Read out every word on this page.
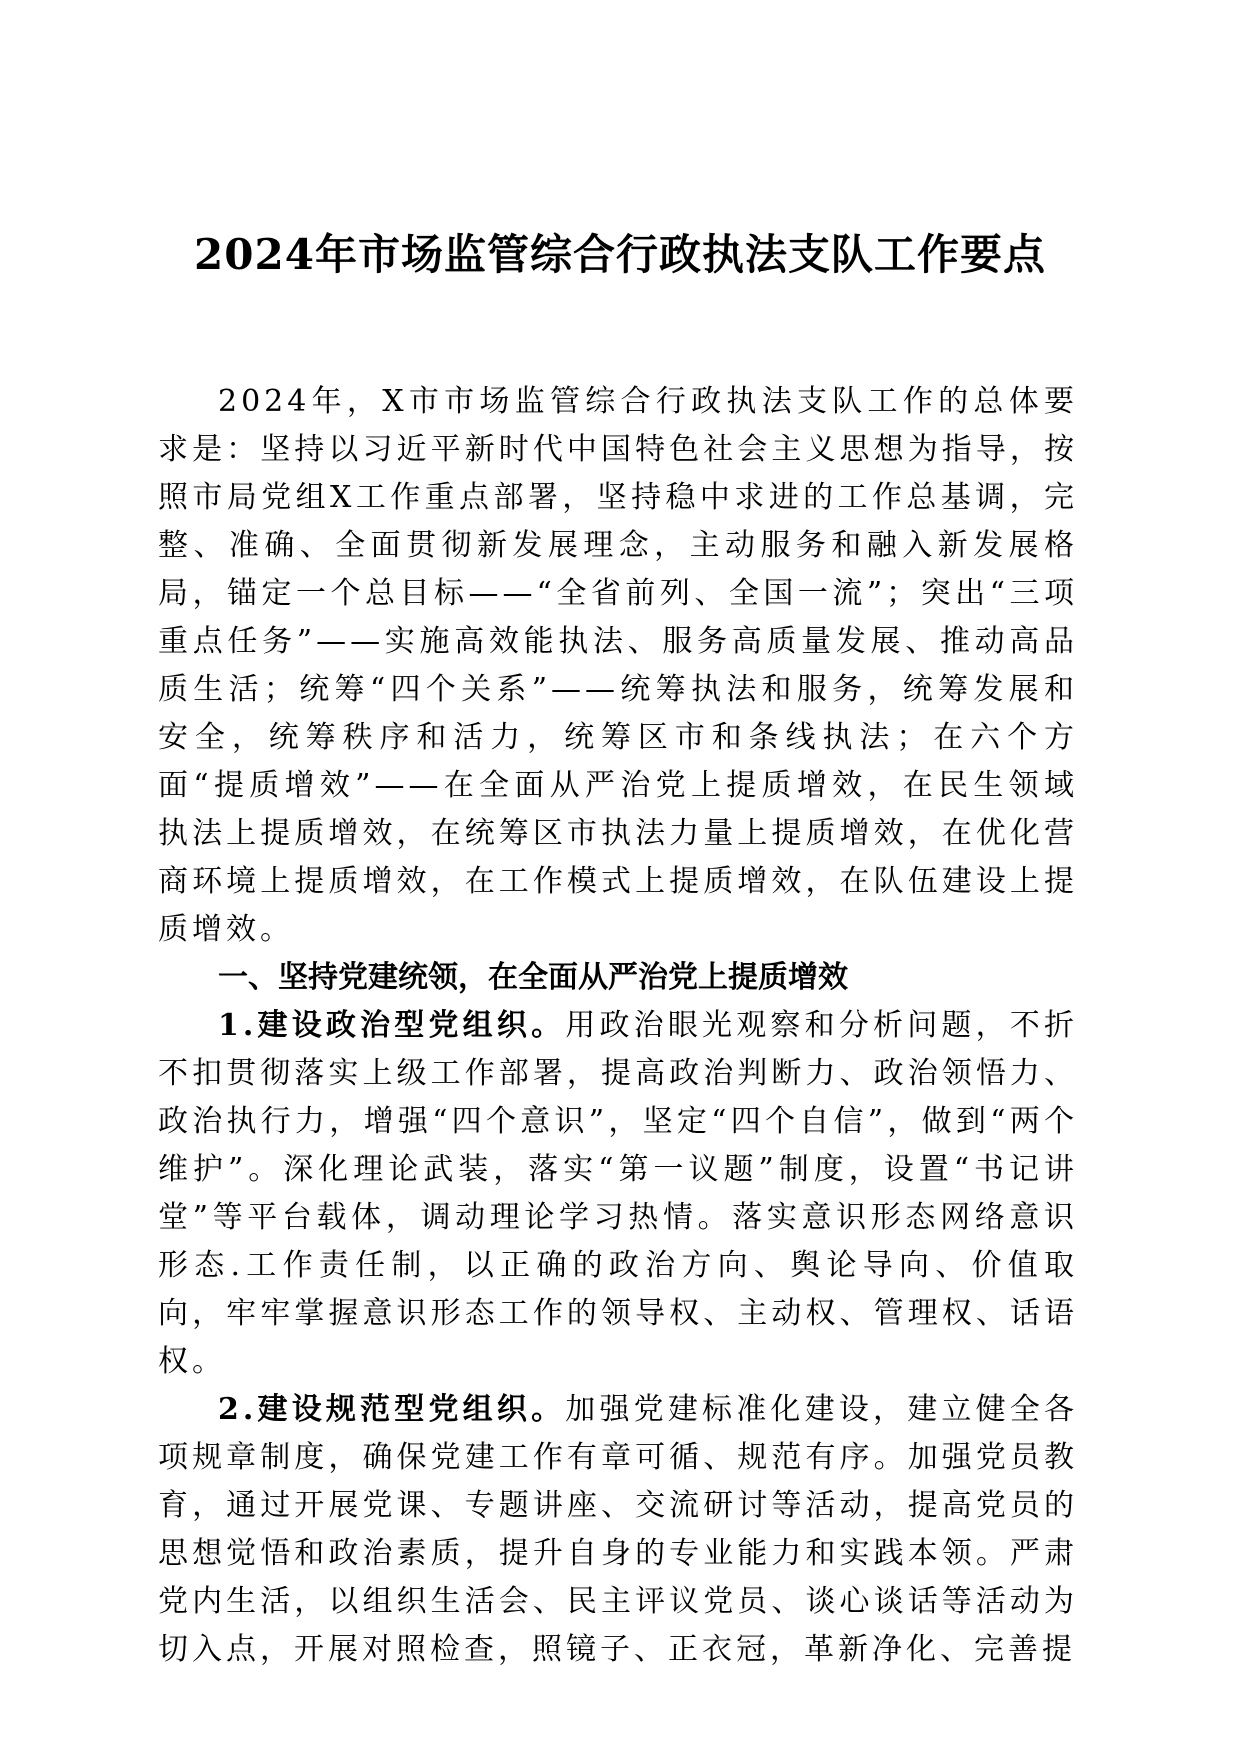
2024年市场监管综合行政执法支队工作要点

2024年，X市市场监管综合行政执法支队工作的总体要求是：坚持以习近平新时代中国特色社会主义思想为指导，按照市局党组X工作重点部署，坚持稳中求进的工作总基调，完整、准确、全面贯彻新发展理念，主动服务和融入新发展格局，锚定一个总目标——“全省前列、全国一流”；突出“三项重点任务”——实施高效能执法、服务高质量发展、推动高品质生活；统筹“四个关系”——统筹执法和服务，统筹发展和安全，统筹秩序和活力，统筹区市和条线执法；在六个方面“提质增效”——在全面从严治党上提质增效，在民生领域执法上提质增效，在统筹区市执法力量上提质增效，在优化营商环境上提质增效，在工作模式上提质增效，在队伍建设上提质增效。

一、坚持党建统领，在全面从严治党上提质增效

1.建设政治型党组织。用政治眼光观察和分析问题，不折不扣贯彻落实上级工作部署，提高政治判断力、政治领悟力、政治执行力，增强“四个意识”，坚定“四个自信”，做到“两个维护”。深化理论武装，落实“第一议题”制度，设置“书记讲堂”等平台载体，调动理论学习热情。落实意识形态网络意识形态.工作责任制，以正确的政治方向、舆论导向、价值取向，牢牢掌握意识形态工作的领导权、主动权、管理权、话语权。

2.建设规范型党组织。加强党建标准化建设，建立健全各项规章制度，确保党建工作有章可循、规范有序。加强党员教育，通过开展党课、专题讲座、交流研讨等活动，提高党员的思想觉悟和政治素质，提升自身的专业能力和实践本领。严肃党内生活，以组织生活会、民主评议党员、谈心谈话等活动为切入点，开展对照检查，照镜子、正衣冠，革新净化、完善提
